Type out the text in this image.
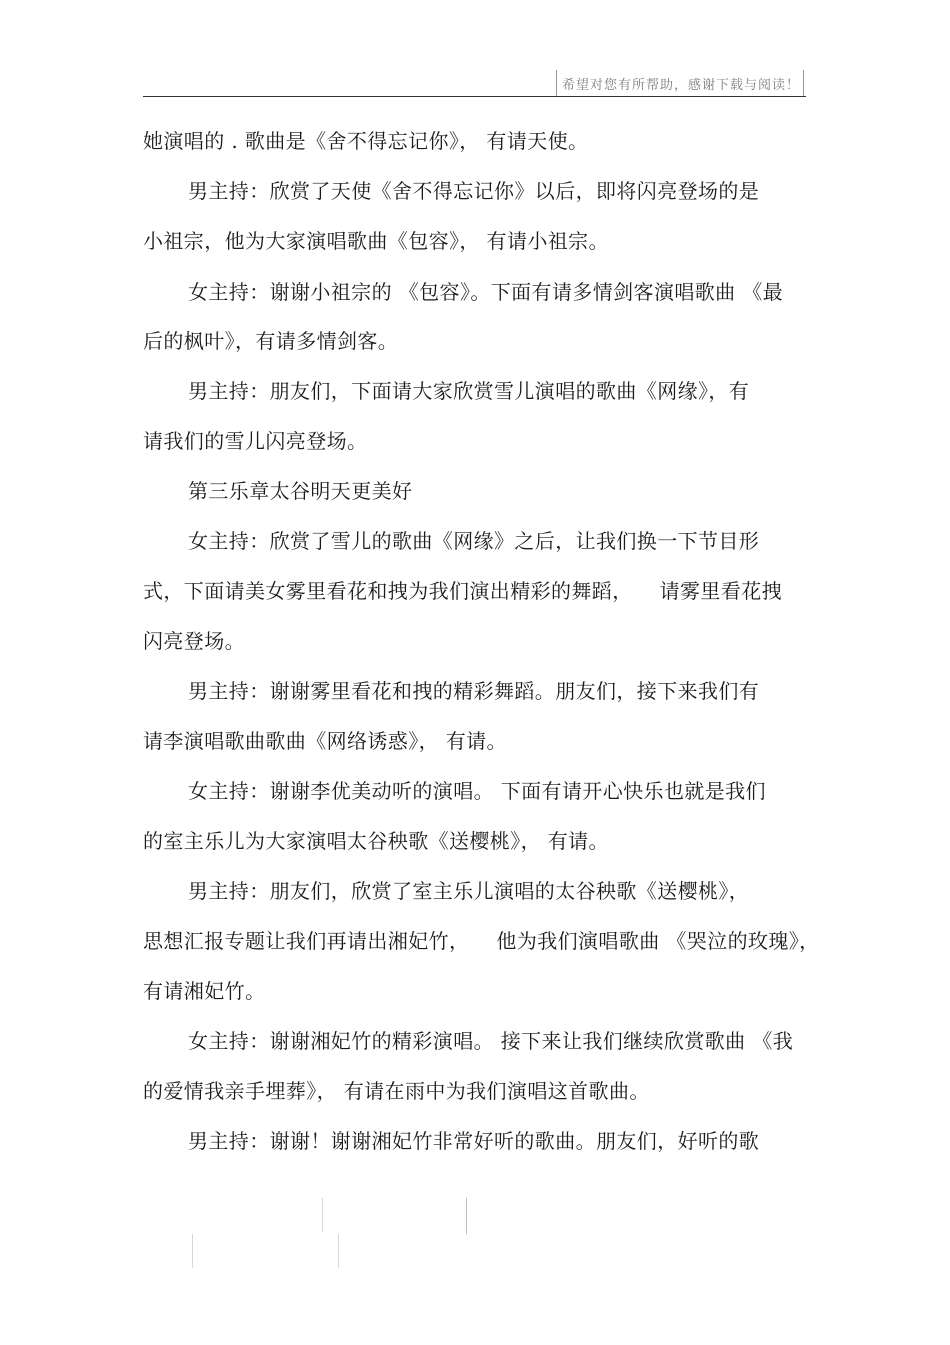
希望对您有所帮助，感谢下载与阅读！
她演唱的 . 歌曲是《舍不得忘记你》， 有请天使。
男主持：欣赏了天使《舍不得忘记你》以后，即将闪亮登场的是
小祖宗，他为大家演唱歌曲《包容》， 有请小祖宗。
女主持：谢谢小祖宗的 《包容》。下面有请多情剑客演唱歌曲 《最
后的枫叶》，有请多情剑客。
男主持：朋友们，下面请大家欣赏雪儿演唱的歌曲《网缘》，有
请我们的雪儿闪亮登场。
第三乐章太谷明天更美好
女主持：欣赏了雪儿的歌曲《网缘》之后，让我们换一下节目形
式，下面请美女雾里看花和拽为我们演出精彩的舞蹈，    请雾里看花拽
闪亮登场。
男主持：谢谢雾里看花和拽的精彩舞蹈。朋友们，接下来我们有
请李演唱歌曲歌曲《网络诱惑》， 有请。
女主持：谢谢李优美动听的演唱。 下面有请开心快乐也就是我们
的室主乐儿为大家演唱太谷秧歌《送樱桃》， 有请。
男主持：朋友们，欣赏了室主乐儿演唱的太谷秧歌《送樱桃》，
思想汇报专题让我们再请出湘妃竹，    他为我们演唱歌曲 《哭泣的玫瑰》，
有请湘妃竹。
女主持：谢谢湘妃竹的精彩演唱。 接下来让我们继续欣赏歌曲 《我
的爱情我亲手埋葬》， 有请在雨中为我们演唱这首歌曲。
男主持：谢谢！谢谢湘妃竹非常好听的歌曲。朋友们，好听的歌
